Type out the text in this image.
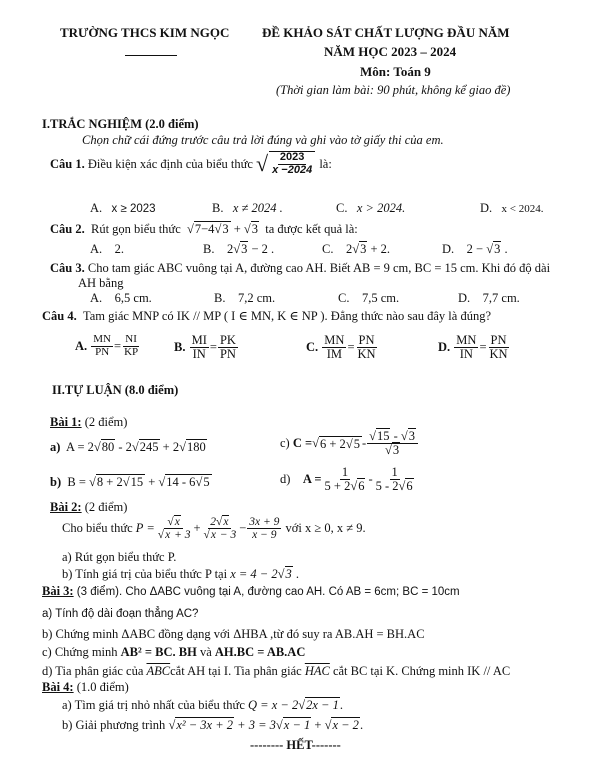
TRƯỜNG THCS KIM NGỌC	ĐỀ KHẢO SÁT CHẤT LƯỢNG ĐẦU NĂM
NĂM HỌC 2023 – 2024
Môn: Toán 9
(Thời gian làm bài: 90 phút, không kể giao đề)
I.TRẮC NGHIỆM (2.0 điểm)
Chọn chữ cái đứng trước câu trả lời đúng và ghi vào tờ giấy thi của em.
Câu 1.
Điều kiện xác định của biểu thức
√ $\frac{2023}{x -2024}$
là:
A. x ≥ 2023	B. x ≠ 2024 .	C. x > 2024.	D. x < 2024.
Câu 2. Rút gọn biểu thức √ 7−4 √ 3 + √ 3 ta được kết quả là:
A. 2.	B. 2 √ 3 − 2 .	C. 2 √ 3 + 2.	D. 2 − √ 3 .
Câu 3. Cho tam giác ABC vuông tại A, đường cao AH. Biết AB = 9 cm, BC = 15 cm. Khi đó độ dài
AH bằng
A. 6,5 cm.	B. 7,2 cm.	C. 7,5 cm.	D. 7,7 cm.
Câu 4. Tam giác MNP có IK // MP ( I ∈ MN, K ∈ NP ). Đẳng thức nào sau đây là đúng?
A.
$\frac{MN}{PN} = \frac{NI}{KP}$	B.
$\frac{MI}{IN} = \frac{PK}{PN}$	C.
$\frac{MN}{IM} = \frac{PN}{KN}$	D.
$\frac{MN}{IN} = \frac{PN}{KN}$
II.TỰ LUẬN (8.0 điểm)
Bài 1: (2 điểm)
a) A = 2 √ 80 - 2 √ 245 + 2 √ 180	c)
C = √ 6 + 2 √ 5 - √ 15 - √ 3
√ 3
b) B = √ 8 + 2 √ 15 + √ 14 - 6 √ 5	d)
$A = \frac{1}{5 + 2 √ 6} - \frac{1}{5 - 2 √ 6}$
Bài 2: (2 điểm)
Cho biểu thức
P = √ x
√ x + 3 + 2 √ x
√ $x - 3 - \frac{3x + 9}{x - 9}$
với x ≥ 0, x ≠ 9.
a) Rút gọn biểu thức P.
b) Tính giá trị của biểu thức P tại x = 4 − 2 √ 3 .
Bài 3: (3 điểm). Cho ΔABC vuông tại A, đường cao AH. Có AB = 6cm; BC = 10cm
a) Tính độ dài đoạn thẳng AC?
b) Chứng minh ΔABC đồng dạng với ΔHBA ,từ đó suy ra AB.AH = BH.AC
c) Chứng minh AB² = BC. BH và AH.BC = AB.AC
d) Tia phân giác của $\overline{ABC}cắt$ AH tại I. Tia phân giác $\overline{HAC}$ cắt BC tại K. Chứng minh IK // AC
Bài 4: (1.0 điểm)
a) Tìm giá trị nhỏ nhất của biểu thức Q = x − 2 √ 2x − 1.
b) Giải phương trình √ x² − 3x + 2 + 3 = 3 √ x − 1 + √ x − 2.
-------- HẾT-------
